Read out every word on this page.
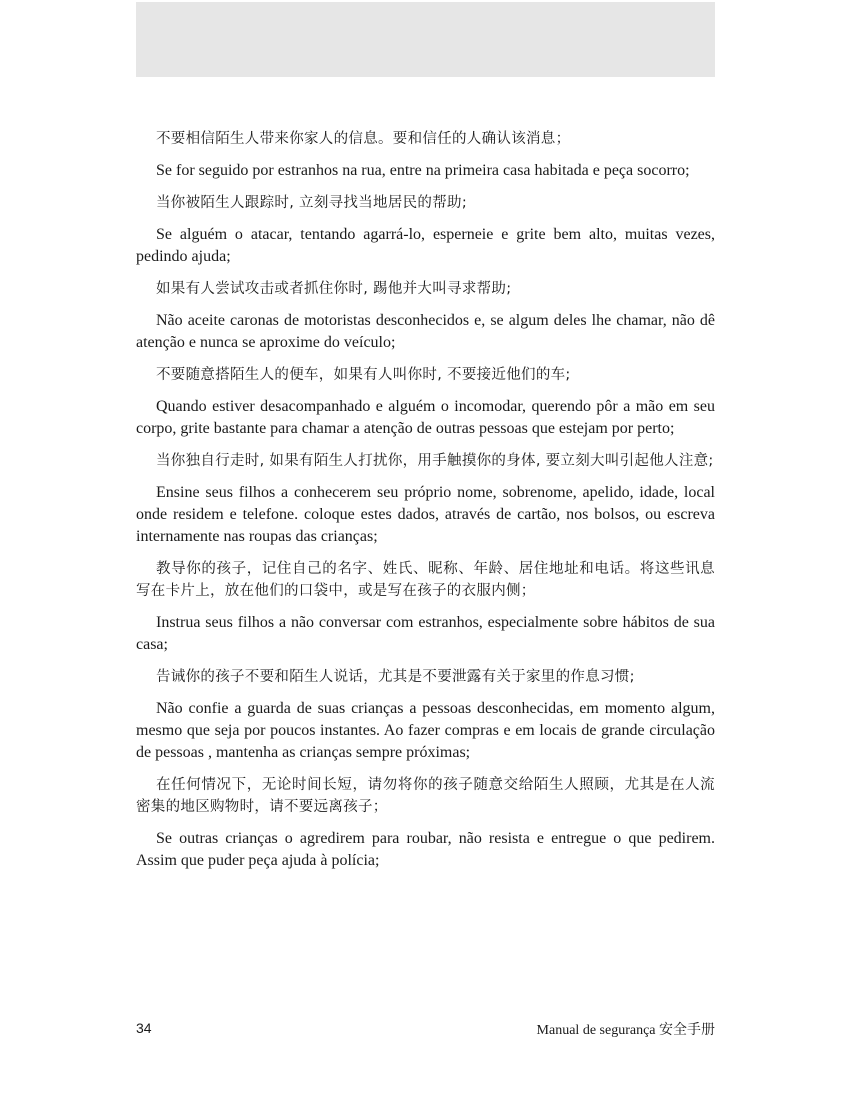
不要相信陌生人带来你家人的信息。要和信任的人确认该消息；

Se for seguido por estranhos na rua, entre na primeira casa habitada e peça socorro;

当你被陌生人跟踪时, 立刻寻找当地居民的帮助;

Se alguém o atacar, tentando agarrá-lo, esperneie e grite bem alto, muitas vezes, pedindo ajuda;

如果有人尝试攻击或者抓住你时, 踢他并大叫寻求帮助;

Não aceite caronas de motoristas desconhecidos e, se algum deles lhe chamar, não dê atenção e nunca se aproxime do veículo;

不要随意搭陌生人的便车，如果有人叫你时, 不要接近他们的车;

Quando estiver desacompanhado e alguém o incomodar, querendo pôr a mão em seu corpo, grite bastante para chamar a atenção de outras pessoas que estejam por perto;

当你独自行走时, 如果有陌生人打扰你，用手触摸你的身体, 要立刻大叫引起他人注意;

Ensine seus filhos a conhecerem seu próprio nome, sobrenome, apelido, idade, local onde residem e telefone. coloque estes dados, através de cartão, nos bolsos, ou escreva internamente nas roupas das crianças;

教导你的孩子，记住自己的名字、姓氏、昵称、年龄、居住地址和电话。将这些讯息写在卡片上，放在他们的口袋中，或是写在孩子的衣服内侧；

Instrua seus filhos a não conversar com estranhos, especialmente sobre hábitos de sua casa;

告诫你的孩子不要和陌生人说话，尤其是不要泄露有关于家里的作息习惯;

Não confie a guarda de suas crianças a pessoas desconhecidas, em momento algum, mesmo que seja por poucos instantes. Ao fazer compras e em locais de grande circulação de pessoas , mantenha as crianças sempre próximas;

在任何情况下，无论时间长短，请勿将你的孩子随意交给陌生人照顾，尤其是在人流密集的地区购物时，请不要远离孩子；

Se outras crianças o agredirem para roubar, não resista e entregue o que pedirem. Assim que puder peça ajuda à polícia;

34	Manual de segurança 安全手册
